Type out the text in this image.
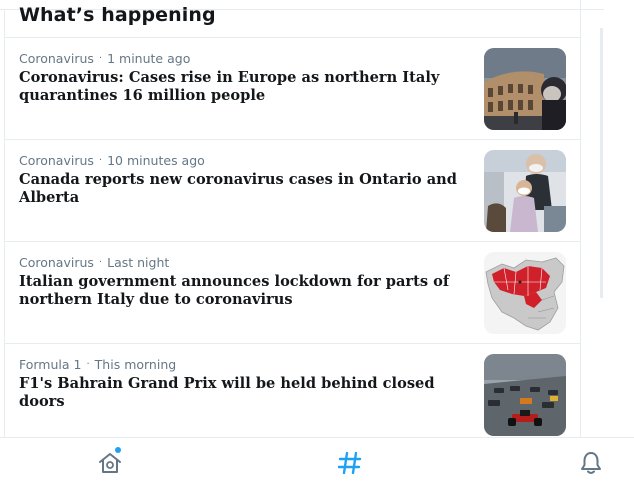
What’s happening
Coronavirus · 1 minute ago
Coronavirus: Cases rise in Europe as northern Italy quarantines 16 million people
Coronavirus · 10 minutes ago
Canada reports new coronavirus cases in Ontario and Alberta
Coronavirus · Last night
Italian government announces lockdown for parts of northern Italy due to coronavirus
Formula 1 · This morning
F1's Bahrain Grand Prix will be held behind closed doors
